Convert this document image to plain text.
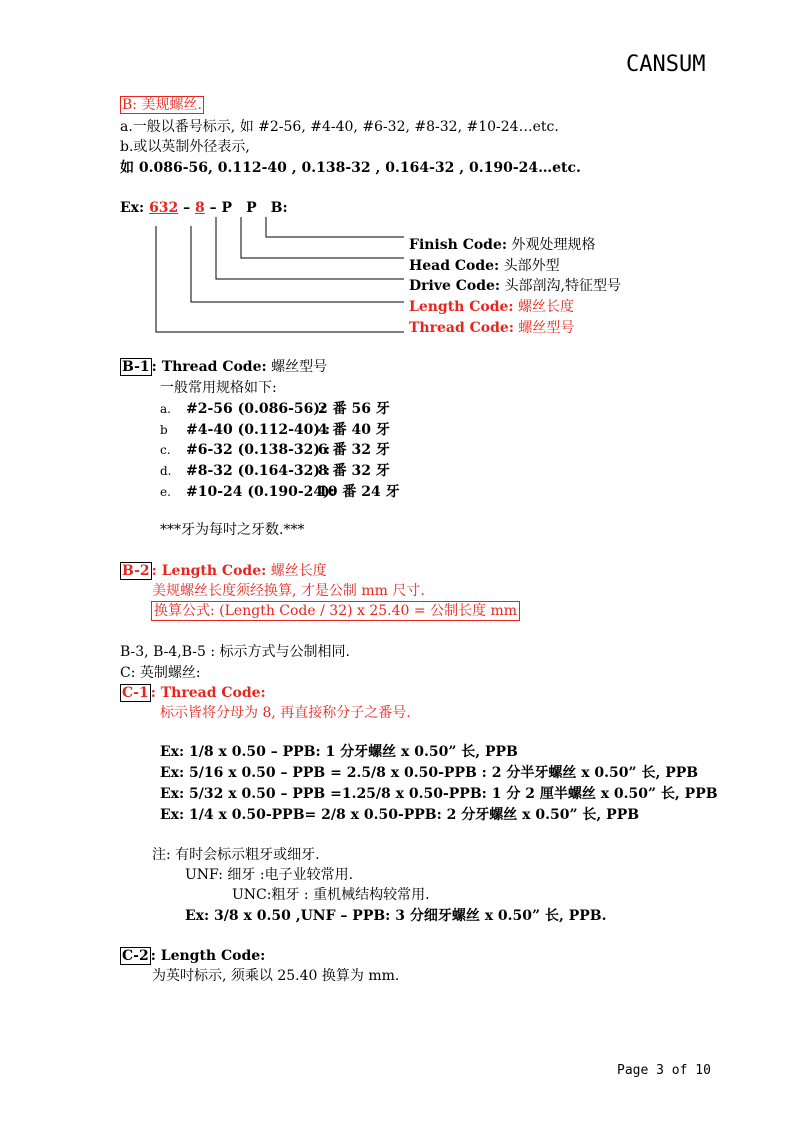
CANSUM
B: 美规螺丝.
a.一般以番号标示, 如 #2-56, #4-40, #6-32, #8-32, #10-24…etc.
b.或以英制外径表示,
如 0.086-56, 0.112-40 , 0.138-32 , 0.164-32 , 0.190-24…etc.
Ex: 632 – 8 – P P B:
Finish Code: 外观处理规格
Head Code: 头部外型
Drive Code: 头部剖沟,特征型号
Length Code: 螺丝长度
Thread Code: 螺丝型号
B-1 : Thread Code: 螺丝型号
一般常用规格如下:
a. #2-56 (0.086-56):2 番 56 牙
b #4-40 (0.112-40) :4 番 40 牙
c. #6-32 (0.138-32) :6 番 32 牙
d. #8-32 (0.164-32) :8 番 32 牙
e. #10-24 (0.190-24):10 番 24 牙
***牙为每吋之牙数.***
B-2 : Length Code: 螺丝长度
美规螺丝长度须经换算, 才是公制 mm 尺寸.
换算公式: (Length Code / 32) x 25.40 = 公制长度 mm
B-3, B-4,B-5 : 标示方式与公制相同.
C: 英制螺丝:
C-1 : Thread Code:
标示皆将分母为 8, 再直接称分子之番号.
Ex: 1/8 x 0.50 – PPB: 1 分牙螺丝 x 0.50” 长, PPB
Ex: 5/16 x 0.50 – PPB = 2.5/8 x 0.50-PPB : 2 分半牙螺丝 x 0.50” 长, PPB
Ex: 5/32 x 0.50 – PPB =1.25/8 x 0.50-PPB: 1 分 2 厘半螺丝 x 0.50” 长, PPB
Ex: 1/4 x 0.50-PPB= 2/8 x 0.50-PPB: 2 分牙螺丝 x 0.50” 长, PPB
注: 有时会标示粗牙或细牙.
UNF: 细牙 :电子业较常用.
UNC:粗牙 : 重机械结构较常用.
Ex: 3/8 x 0.50 ,UNF – PPB: 3 分细牙螺丝 x 0.50” 长, PPB.
C-2 : Length Code:
为英吋标示, 须乘以 25.40 换算为 mm.
Page 3 of 10
